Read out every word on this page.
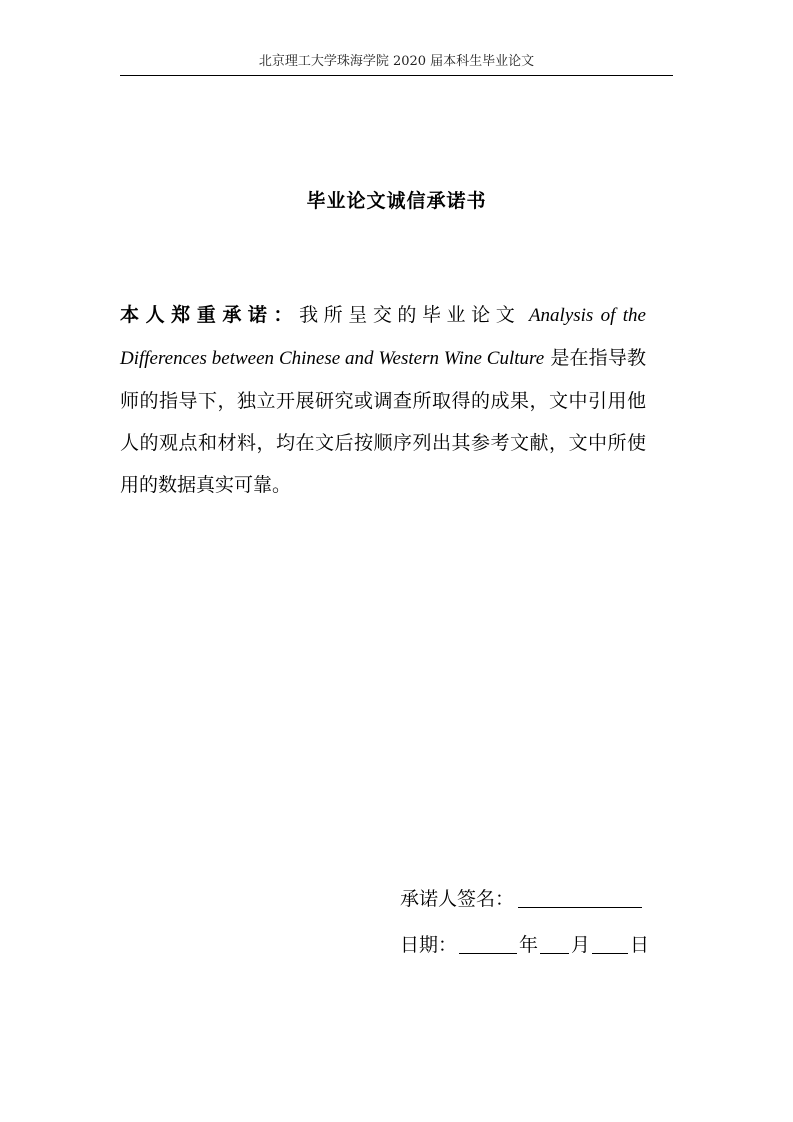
北京理工大学珠海学院 2020 届本科生毕业论文
毕业论文诚信承诺书
本人郑重承诺：我所呈交的毕业论文 Analysis of the Differences between Chinese and Western Wine Culture 是在指导教师的指导下，独立开展研究或调查所取得的成果，文中引用他人的观点和材料，均在文后按顺序列出其参考文献，文中所使用的数据真实可靠。
承诺人签名：
日期：	年 月 日
